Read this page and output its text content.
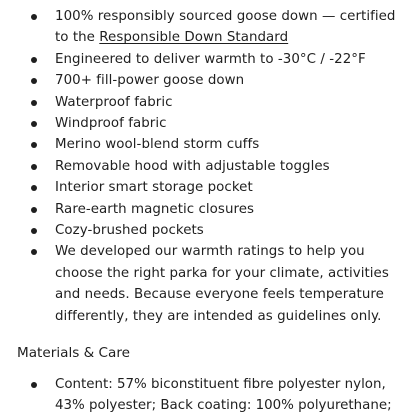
100% responsibly sourced goose down — certified to the Responsible Down Standard
Engineered to deliver warmth to -30°C / -22°F
700+ fill-power goose down
Waterproof fabric
Windproof fabric
Merino wool-blend storm cuffs
Removable hood with adjustable toggles
Interior smart storage pocket
Rare-earth magnetic closures
Cozy-brushed pockets
We developed our warmth ratings to help you choose the right parka for your climate, activities and needs. Because everyone feels temperature differently, they are intended as guidelines only.
Materials & Care
Content: 57% biconstituent fibre polyester nylon, 43% polyester; Back coating: 100% polyurethane;
